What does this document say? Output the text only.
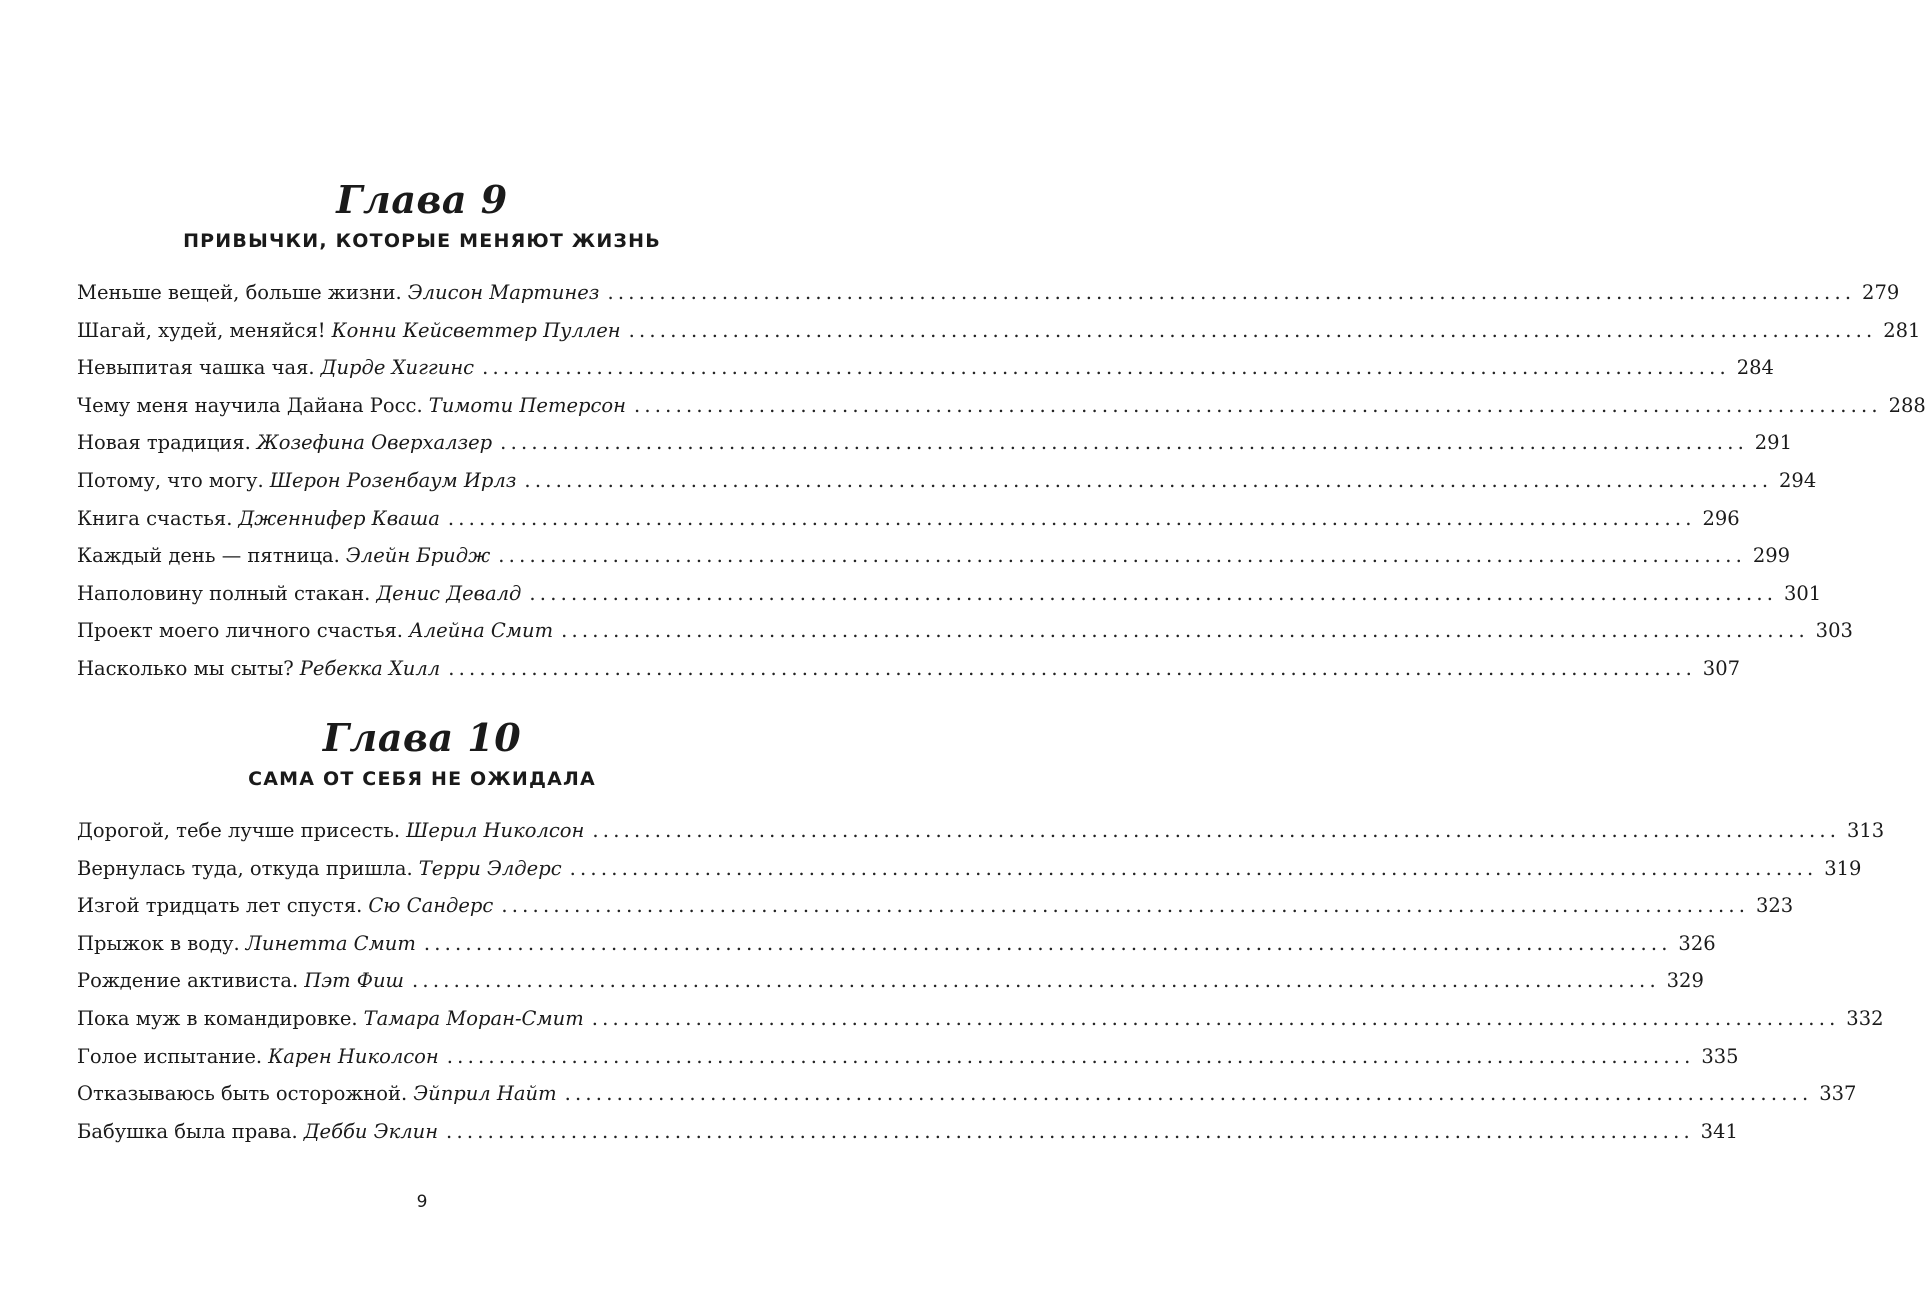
Глава 9
ПРИВЫЧКИ, КОТОРЫЕ МЕНЯЮТ ЖИЗНЬ
Меньше вещей, больше жизни. Элисон Мартинез ........................................................................................................................ 279
Шагай, худей, меняйся! Конни Кейсветтер Пуллен ........................................................................................................................ 281
Невыпитая чашка чая. Дирде Хиггинс ........................................................................................................................ 284
Чему меня научила Дайана Росс. Тимоти Петерсон ........................................................................................................................ 288
Новая традиция. Жозефина Оверхалзер ........................................................................................................................ 291
Потому, что могу. Шерон Розенбаум Ирлз ........................................................................................................................ 294
Книга счастья. Дженнифер Кваша ........................................................................................................................ 296
Каждый день — пятница. Элейн Бридж ........................................................................................................................ 299
Наполовину полный стакан. Денис Девалд ........................................................................................................................ 301
Проект моего личного счастья. Алейна Смит ........................................................................................................................ 303
Насколько мы сыты? Ребекка Хилл ........................................................................................................................ 307
Глава 10
САМА ОТ СЕБЯ НЕ ОЖИДАЛА
Дорогой, тебе лучше присесть. Шерил Николсон ........................................................................................................................ 313
Вернулась туда, откуда пришла. Терри Элдерс ........................................................................................................................ 319
Изгой тридцать лет спустя. Сю Сандерс ........................................................................................................................ 323
Прыжок в воду. Линетта Смит ........................................................................................................................ 326
Рождение активиста. Пэт Фиш ........................................................................................................................ 329
Пока муж в командировке. Тамара Моран-Смит ........................................................................................................................ 332
Голое испытание. Карен Николсон ........................................................................................................................ 335
Отказываюсь быть осторожной. Эйприл Найт ........................................................................................................................ 337
Бабушка была права. Дебби Эклин ........................................................................................................................ 341
9
